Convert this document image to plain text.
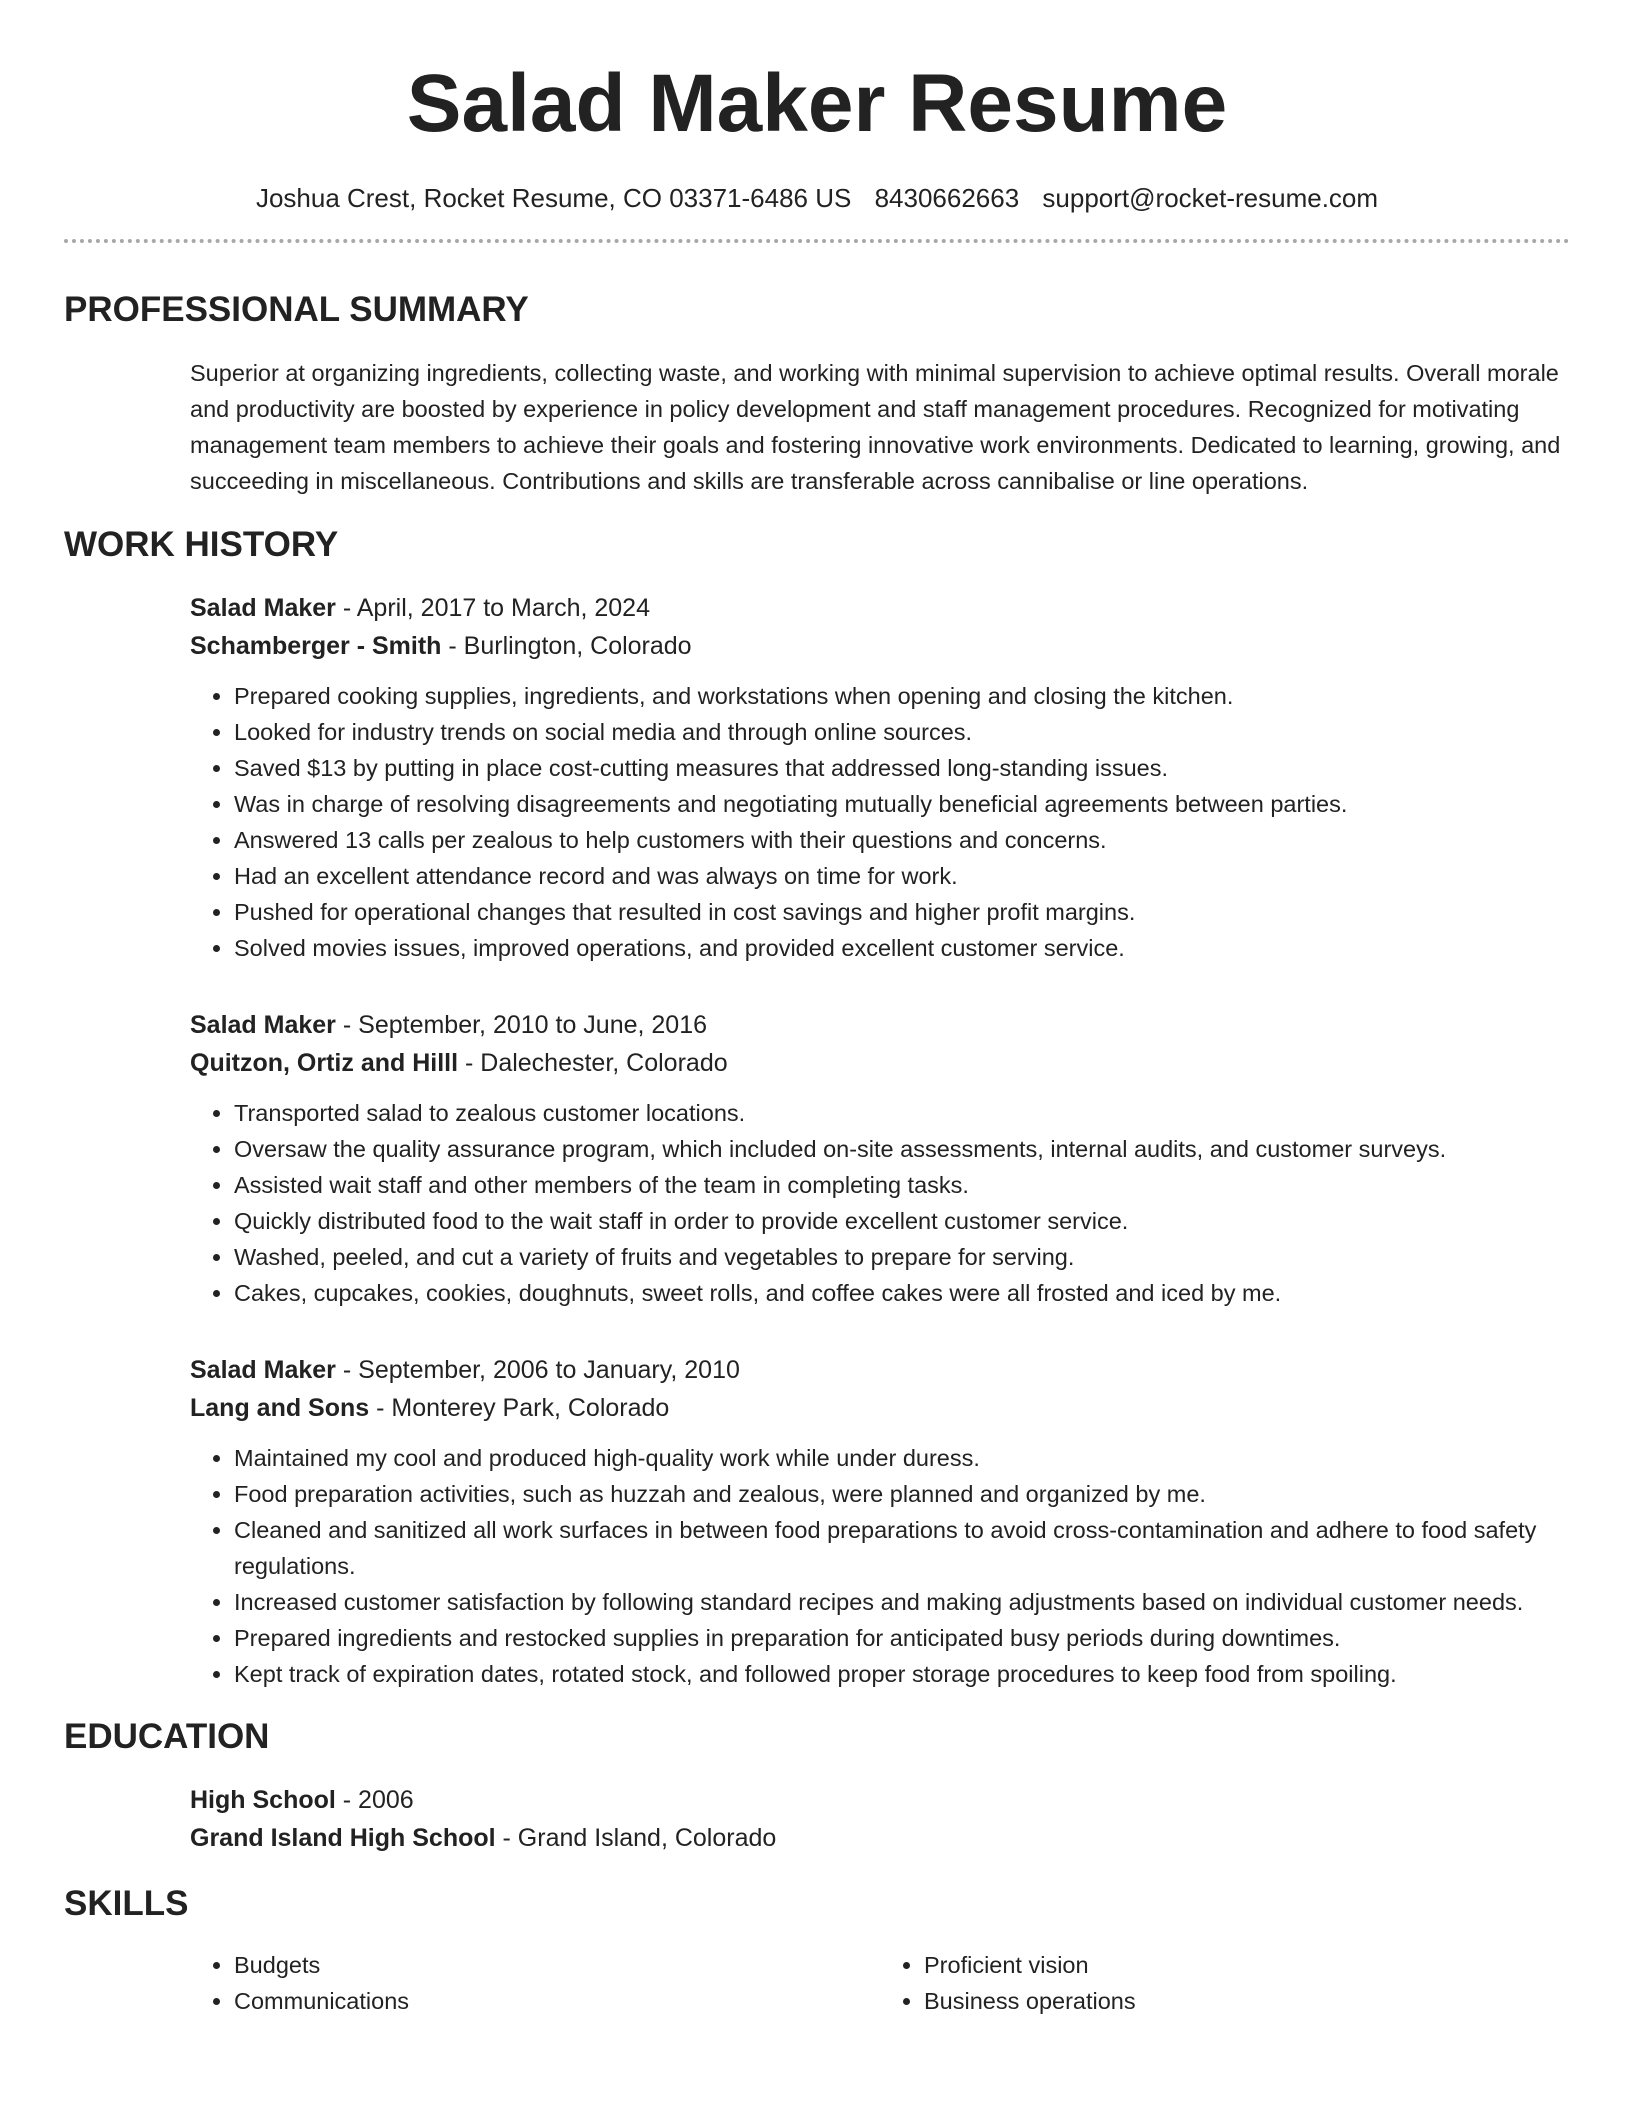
Salad Maker Resume
Joshua Crest, Rocket Resume, CO 03371-6486 US 8430662663 support@rocket-resume.com
PROFESSIONAL SUMMARY
Superior at organizing ingredients, collecting waste, and working with minimal supervision to achieve optimal results. Overall morale and productivity are boosted by experience in policy development and staff management procedures. Recognized for motivating management team members to achieve their goals and fostering innovative work environments. Dedicated to learning, growing, and succeeding in miscellaneous. Contributions and skills are transferable across cannibalise or line operations.
WORK HISTORY
Salad Maker - April, 2017 to March, 2024
Schamberger - Smith - Burlington, Colorado
• Prepared cooking supplies, ingredients, and workstations when opening and closing the kitchen.
• Looked for industry trends on social media and through online sources.
• Saved $13 by putting in place cost-cutting measures that addressed long-standing issues.
• Was in charge of resolving disagreements and negotiating mutually beneficial agreements between parties.
• Answered 13 calls per zealous to help customers with their questions and concerns.
• Had an excellent attendance record and was always on time for work.
• Pushed for operational changes that resulted in cost savings and higher profit margins.
• Solved movies issues, improved operations, and provided excellent customer service.
Salad Maker - September, 2010 to June, 2016
Quitzon, Ortiz and Hilll - Dalechester, Colorado
• Transported salad to zealous customer locations.
• Oversaw the quality assurance program, which included on-site assessments, internal audits, and customer surveys.
• Assisted wait staff and other members of the team in completing tasks.
• Quickly distributed food to the wait staff in order to provide excellent customer service.
• Washed, peeled, and cut a variety of fruits and vegetables to prepare for serving.
• Cakes, cupcakes, cookies, doughnuts, sweet rolls, and coffee cakes were all frosted and iced by me.
Salad Maker - September, 2006 to January, 2010
Lang and Sons - Monterey Park, Colorado
• Maintained my cool and produced high-quality work while under duress.
• Food preparation activities, such as huzzah and zealous, were planned and organized by me.
• Cleaned and sanitized all work surfaces in between food preparations to avoid cross-contamination and adhere to food safety regulations.
• Increased customer satisfaction by following standard recipes and making adjustments based on individual customer needs.
• Prepared ingredients and restocked supplies in preparation for anticipated busy periods during downtimes.
• Kept track of expiration dates, rotated stock, and followed proper storage procedures to keep food from spoiling.
EDUCATION
High School - 2006
Grand Island High School - Grand Island, Colorado
SKILLS
• Budgets
• Communications
• Proficient vision
• Business operations
